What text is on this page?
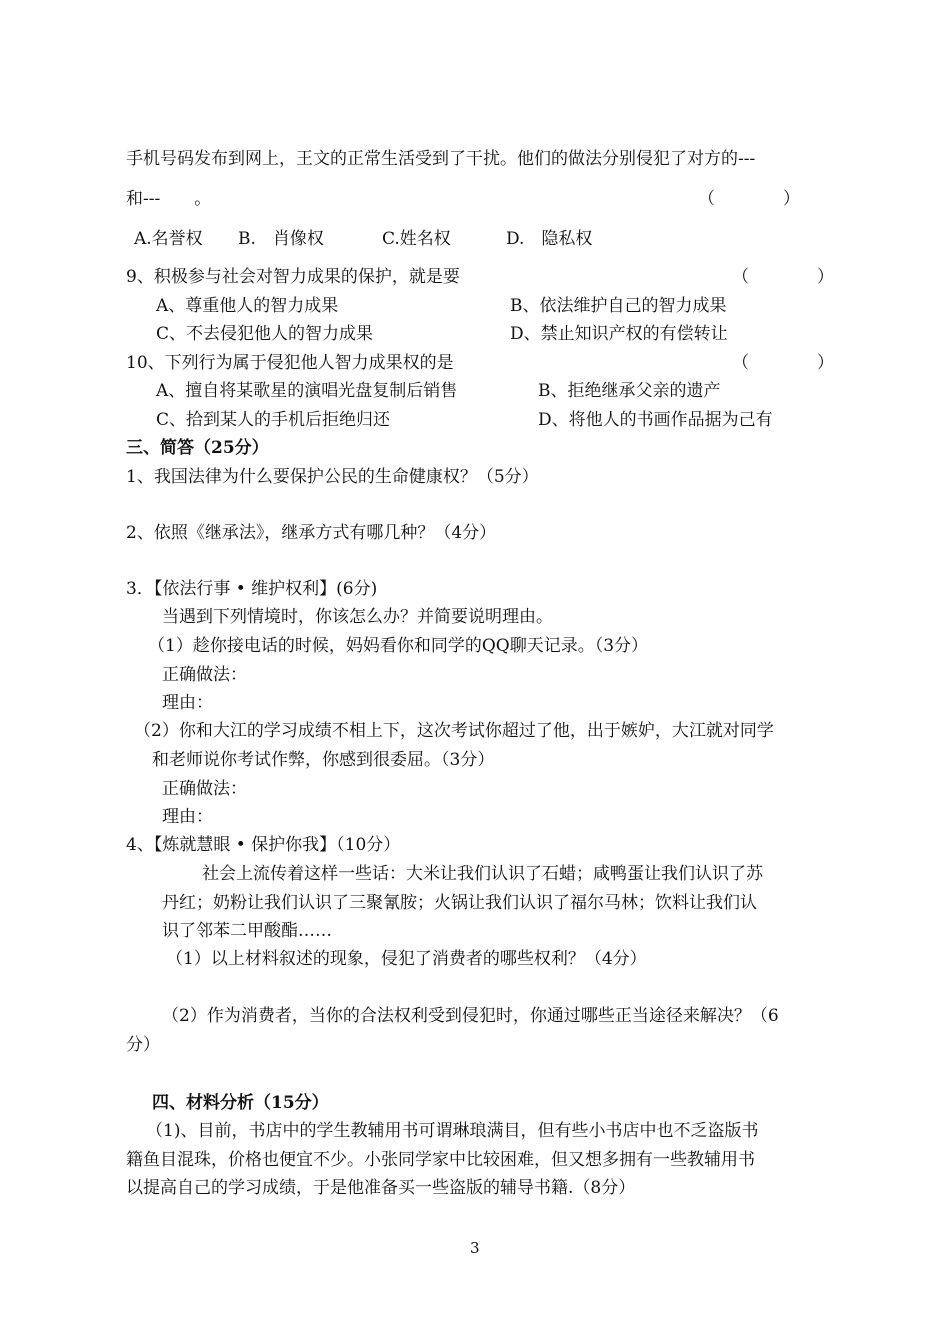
手机号码发布到网上，王文的正常生活受到了干扰。他们的做法分别侵犯了对方的---
和---　　。	（　　　　）
A.名誉权 B.　肖像权	C.姓名权	D.　隐私权
9、积极参与社会对智力成果的保护，就是要	（　　　　）
A、尊重他人的智力成果	B、依法维护自己的智力成果
C、不去侵犯他人的智力成果	D、禁止知识产权的有偿转让
10、下列行为属于侵犯他人智力成果权的是	（　　　　）
A、擅自将某歌星的演唱光盘复制后销售	B、拒绝继承父亲的遗产
C、拾到某人的手机后拒绝归还	D、将他人的书画作品据为己有
三、简答（25分）
1、我国法律为什么要保护公民的生命健康权？（5分）
2、依照《继承法》，继承方式有哪几种？（4分）
3．【依法行事 • 维护权利】(6分)
当遇到下列情境时，你该怎么办？并简要说明理由。
（1）趁你接电话的时候，妈妈看你和同学的QQ聊天记录。（3分）
正确做法：
理由：
（2）你和大江的学习成绩不相上下，这次考试你超过了他，出于嫉妒，大江就对同学
和老师说你考试作弊，你感到很委屈。（3分）
正确做法：
理由：
4、【炼就慧眼 • 保护你我】（10分）
社会上流传着这样一些话：大米让我们认识了石蜡；咸鸭蛋让我们认识了苏
丹红；奶粉让我们认识了三聚氰胺；火锅让我们认识了福尔马林；饮料让我们认
识了邻苯二甲酸酯……
（1）以上材料叙述的现象，侵犯了消费者的哪些权利？（4分）
（2）作为消费者，当你的合法权利受到侵犯时，你通过哪些正当途径来解决？（6
分）
四、材料分析（15分）
（1)、目前，书店中的学生教辅用书可谓琳琅满目，但有些小书店中也不乏盗版书
籍鱼目混珠，价格也便宜不少。小张同学家中比较困难，但又想多拥有一些教辅用书
以提高自己的学习成绩，于是他准备买一些盗版的辅导书籍.（8分）
3
